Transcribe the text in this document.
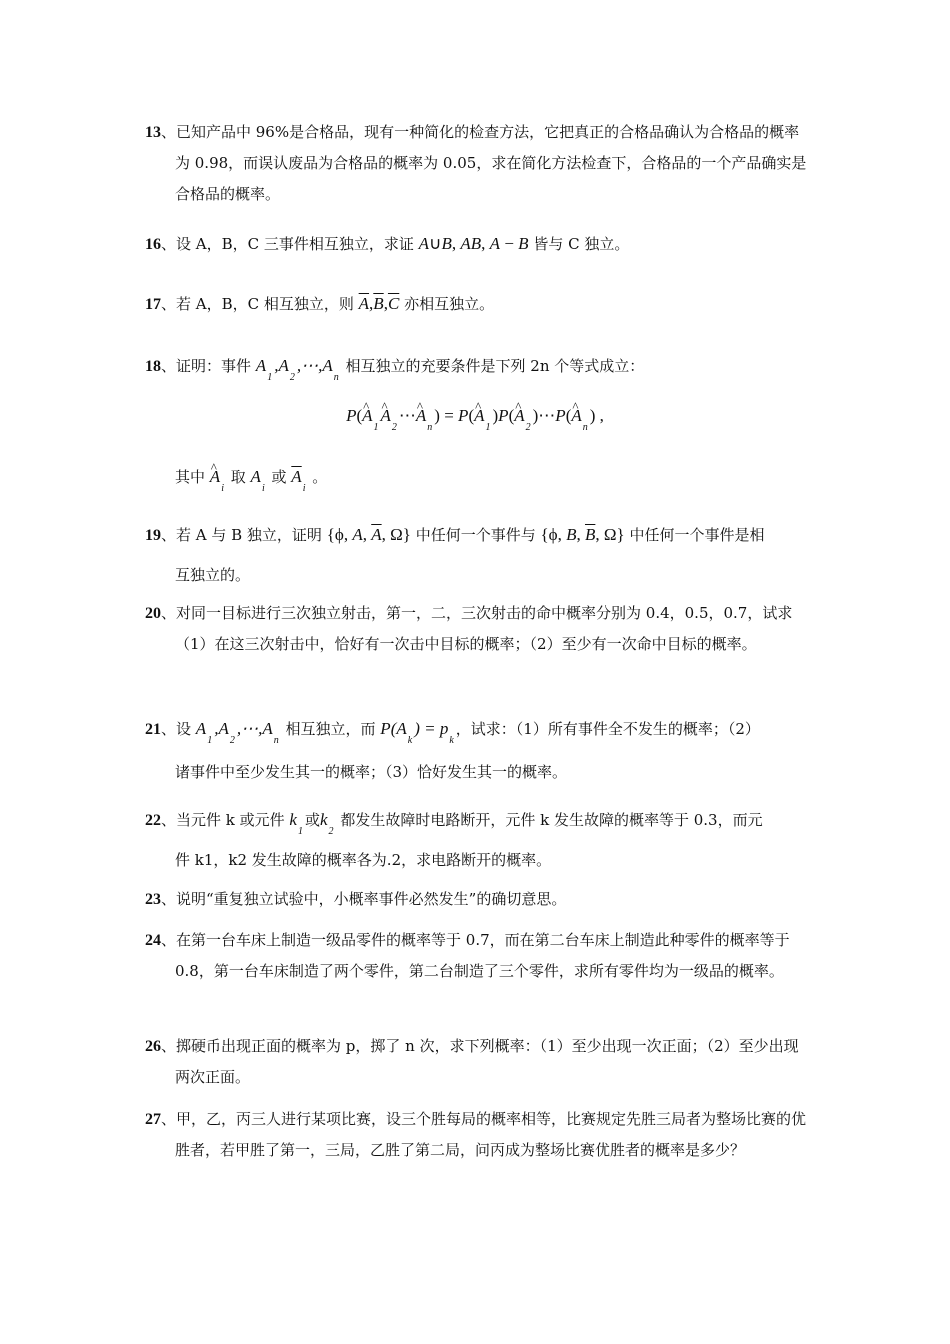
13、已知产品中 96%是合格品，现有一种简化的检查方法，它把真正的合格品确认为合格品的概率为 0.98，而误认废品为合格品的概率为 0.05，求在简化方法检查下，合格品的一个产品确实是合格品的概率。
16、设 A，B，C 三事件相互独立，求证 A∪B, AB, A − B 皆与 C 独立。
17、若 A，B，C 相互独立，则 $\overline{A},\overline{B},\overline{C}$ 亦相互独立。
18、证明：事件 $A_1,A_2,\cdots,A_n$ 相互独立的充要条件是下列 2n 个等式成立：
P(^ $A_1\^{}$ $A_2\cdots\^{}$ $A_n$) = P(^ $A_1)P(\^{}$ $A_2)\cdots P(\^{}$ $A_n$) ,
其中 ^ $A_i$ 取 $A_i$ 或 $\overline{A}_i$ 。
19、若 A 与 B 独立，证明 {ϕ, A, $\overline{A}$, Ω} 中任何一个事件与 {ϕ, B, $\overline{B}$, Ω} 中任何一个事件是相
互独立的。
20、对同一目标进行三次独立射击，第一，二，三次射击的命中概率分别为 0.4，0.5，0.7，试求（1）在这三次射击中，恰好有一次击中目标的概率；（2）至少有一次命中目标的概率。
21、设 $A_1,A_2,\cdots,A_n$ 相互独立，而 $P(A_k) = p_k$，试求：（1）所有事件全不发生的概率；（2）
诸事件中至少发生其一的概率；（3）恰好发生其一的概率。
22、当元件 k 或元件 $k_1$或$k_2$ 都发生故障时电路断开，元件 k 发生故障的概率等于 0.3，而元
件 k1，k2 发生故障的概率各为.2，求电路断开的概率。
23、说明“重复独立试验中，小概率事件必然发生”的确切意思。
24、在第一台车床上制造一级品零件的概率等于 0.7，而在第二台车床上制造此种零件的概率等于 0.8，第一台车床制造了两个零件，第二台制造了三个零件，求所有零件均为一级品的概率。
26、掷硬币出现正面的概率为 p，掷了 n 次，求下列概率：（1）至少出现一次正面；（2）至少出现两次正面。
27、甲，乙，丙三人进行某项比赛，设三个胜每局的概率相等，比赛规定先胜三局者为整场比赛的优胜者，若甲胜了第一，三局，乙胜了第二局，问丙成为整场比赛优胜者的概率是多少？
